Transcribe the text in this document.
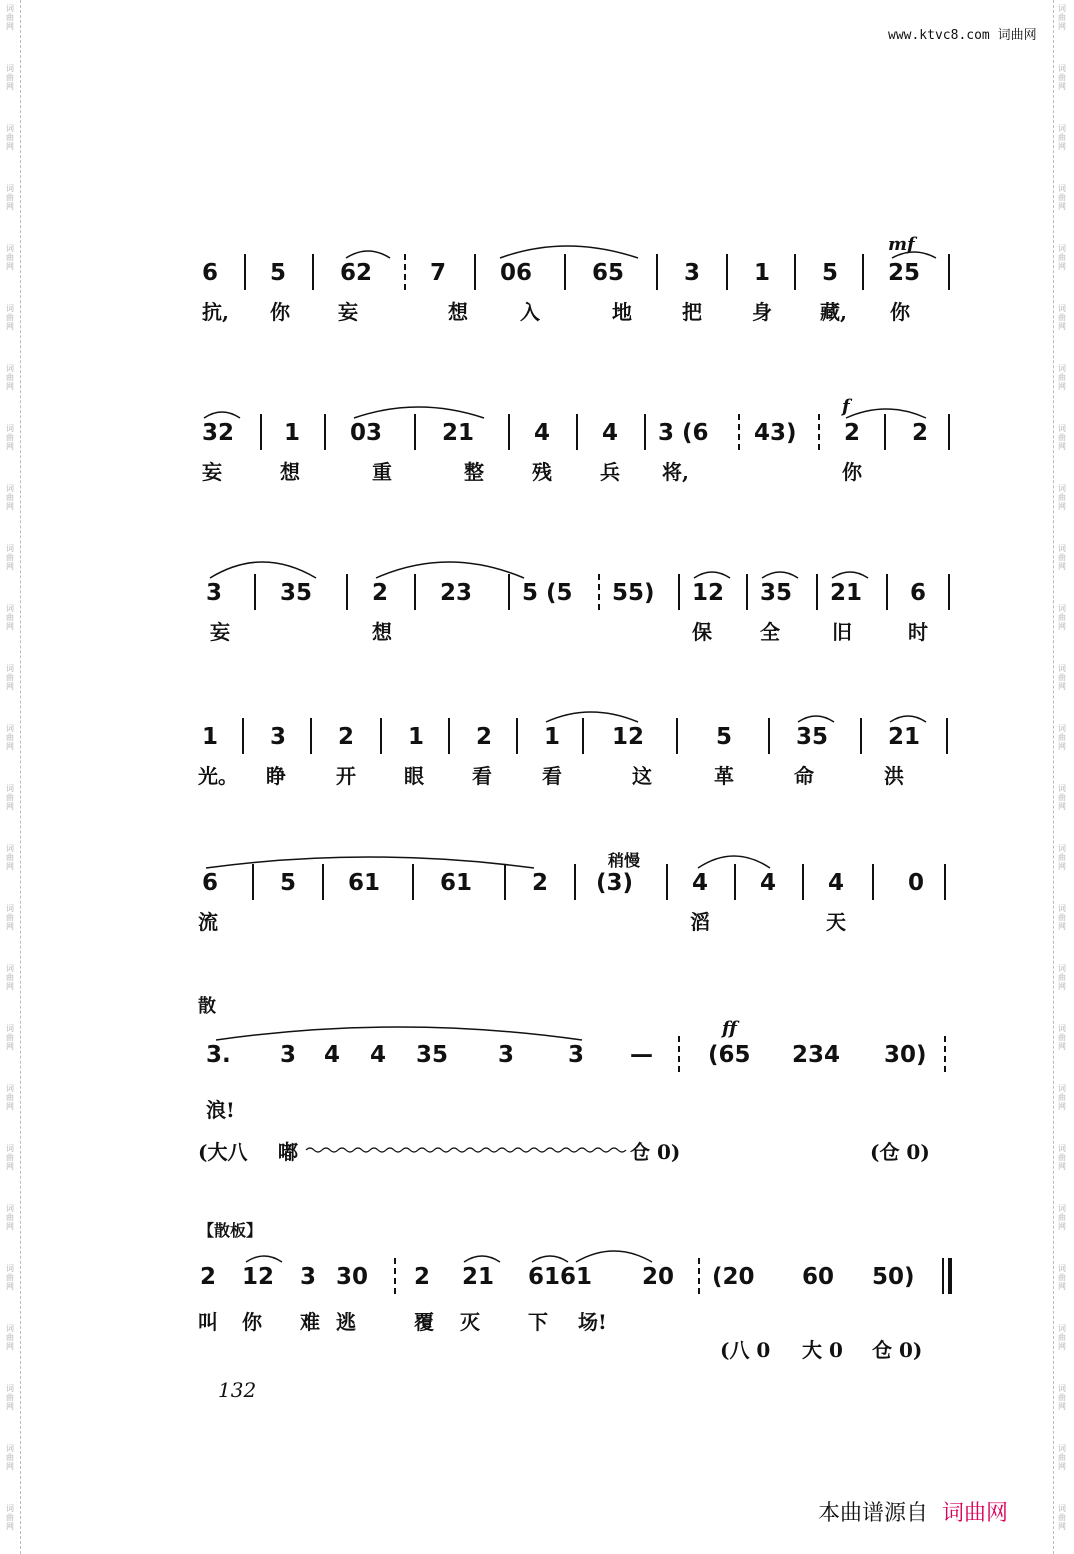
词曲网
词曲网
词曲网
词曲网
词曲网
词曲网
词曲网
词曲网
词曲网
词曲网
词曲网
词曲网
词曲网
词曲网
词曲网
词曲网
词曲网
词曲网
词曲网
词曲网
词曲网
词曲网
词曲网
词曲网
词曲网
词曲网
词曲网
词曲网
词曲网
词曲网
词曲网
词曲网
词曲网
词曲网
词曲网
词曲网
词曲网
词曲网
词曲网
词曲网
词曲网
词曲网
词曲网
词曲网
词曲网
词曲网
词曲网
词曲网
词曲网
词曲网
词曲网
词曲网
www.ktvc8.com 词曲网
mf
6 5 62	7 06	65	3 1 5 25
抗, 你 妄	想	入	地	把	身 藏, 你
f
32 1 03	21	4 4 3 (6 43) 2 2
妄	想	重	整 残 兵 将,	你
3	35	2 23 5 (5 55) 12 35 21 6
妄	想	保 全	旧	时
1 3 2 1 2 1 12	5	35	21
光。 睁	开 眼 看	看	这	革	命	洪
稍慢
6	5 61	61	2 (3)	4 4 4	0
流	滔	天
散
ff
3. 3 4 4 35 3 3 — (65 234 30)
浪!
(大八 嘟	仓 0)	(仓 0)
【散板】
2 12 3 30 2 21 6161 20 (20 60 50)
叫 你 难 逃	覆 灭 下 场!
(八 0 大 0 仓 0)
132
本曲谱源自 词曲网
